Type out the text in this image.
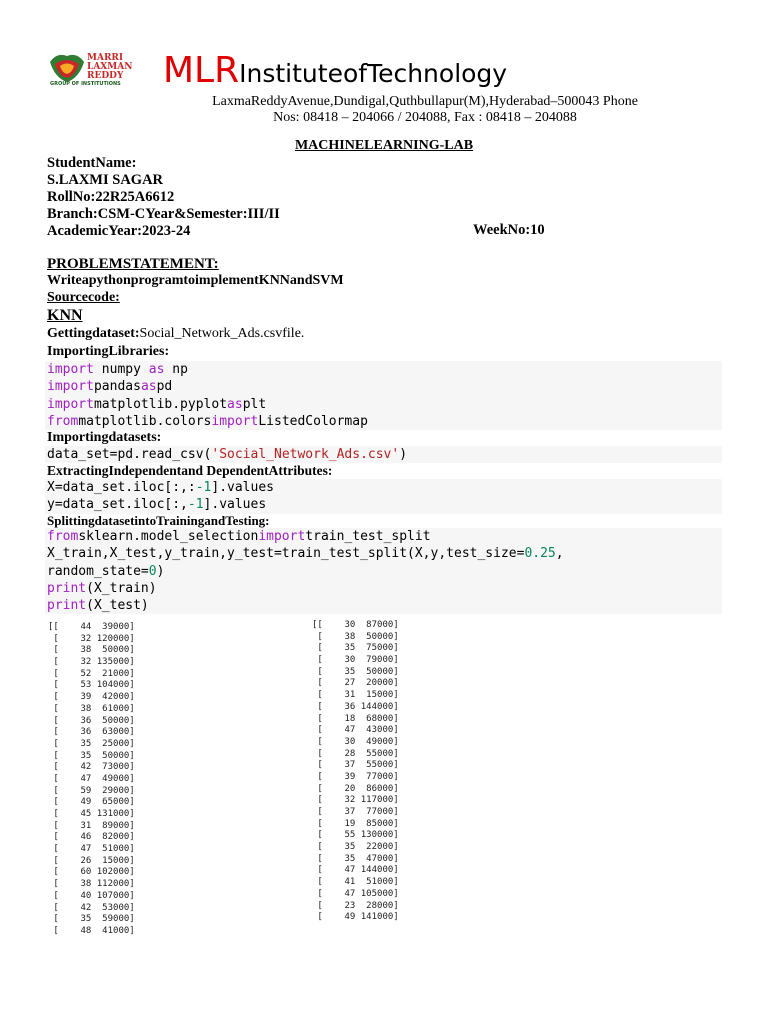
MARRI
LAXMAN
REDDY
GROUP OF INSTITUTIONS MLRInstituteofTechnology
LaxmaReddyAvenue,Dundigal,Quthbullapur(M),Hyderabad–500043 Phone
Nos: 08418 – 204066 / 204088, Fax : 08418 – 204088
MACHINELEARNING-LAB
StudentName:
S.LAXMI SAGAR
RollNo:22R25A6612
Branch:CSM-CYear&Semester:III/II
AcademicYear:2023-24	WeekNo:10
PROBLEMSTATEMENT:
WriteapythonprogramtoimplementKNNandSVM
Sourcecode:
KNN
Gettingdataset:Social_Network_Ads.csvfile.
ImportingLibraries:
import numpy as np
importpandasaspd
importmatplotlib.pyplotasplt
frommatplotlib.colorsimportListedColormap
Importingdatasets:
data_set=pd.read_csv('Social_Network_Ads.csv')
ExtractingIndependentand DependentAttributes:
X=data_set.iloc[:,:-1].values
y=data_set.iloc[:,-1].values
SplittingdatasetintoTrainingandTesting:
fromsklearn.model_selectionimporttrain_test_split
X_train,X_test,y_train,y_test=train_test_split(X,y,test_size=0.25,
random_state=0)
print(X_train)
print(X_test)
[[    44  39000]
[    32 120000]
[    38  50000]
[    32 135000]
[    52  21000]
[    53 104000]
[    39  42000]
[    38  61000]
[    36  50000]
[    36  63000]
[    35  25000]
[    35  50000]
[    42  73000]
[    47  49000]
[    59  29000]
[    49  65000]
[    45 131000]
[    31  89000]
[    46  82000]
[    47  51000]
[    26  15000]
[    60 102000]
[    38 112000]
[    40 107000]
[    42  53000]
[    35  59000]
[    48  41000]
[[    30  87000]
[    38  50000]
[    35  75000]
[    30  79000]
[    35  50000]
[    27  20000]
[    31  15000]
[    36 144000]
[    18  68000]
[    47  43000]
[    30  49000]
[    28  55000]
[    37  55000]
[    39  77000]
[    20  86000]
[    32 117000]
[    37  77000]
[    19  85000]
[    55 130000]
[    35  22000]
[    35  47000]
[    47 144000]
[    41  51000]
[    47 105000]
[    23  28000]
[    49 141000]
